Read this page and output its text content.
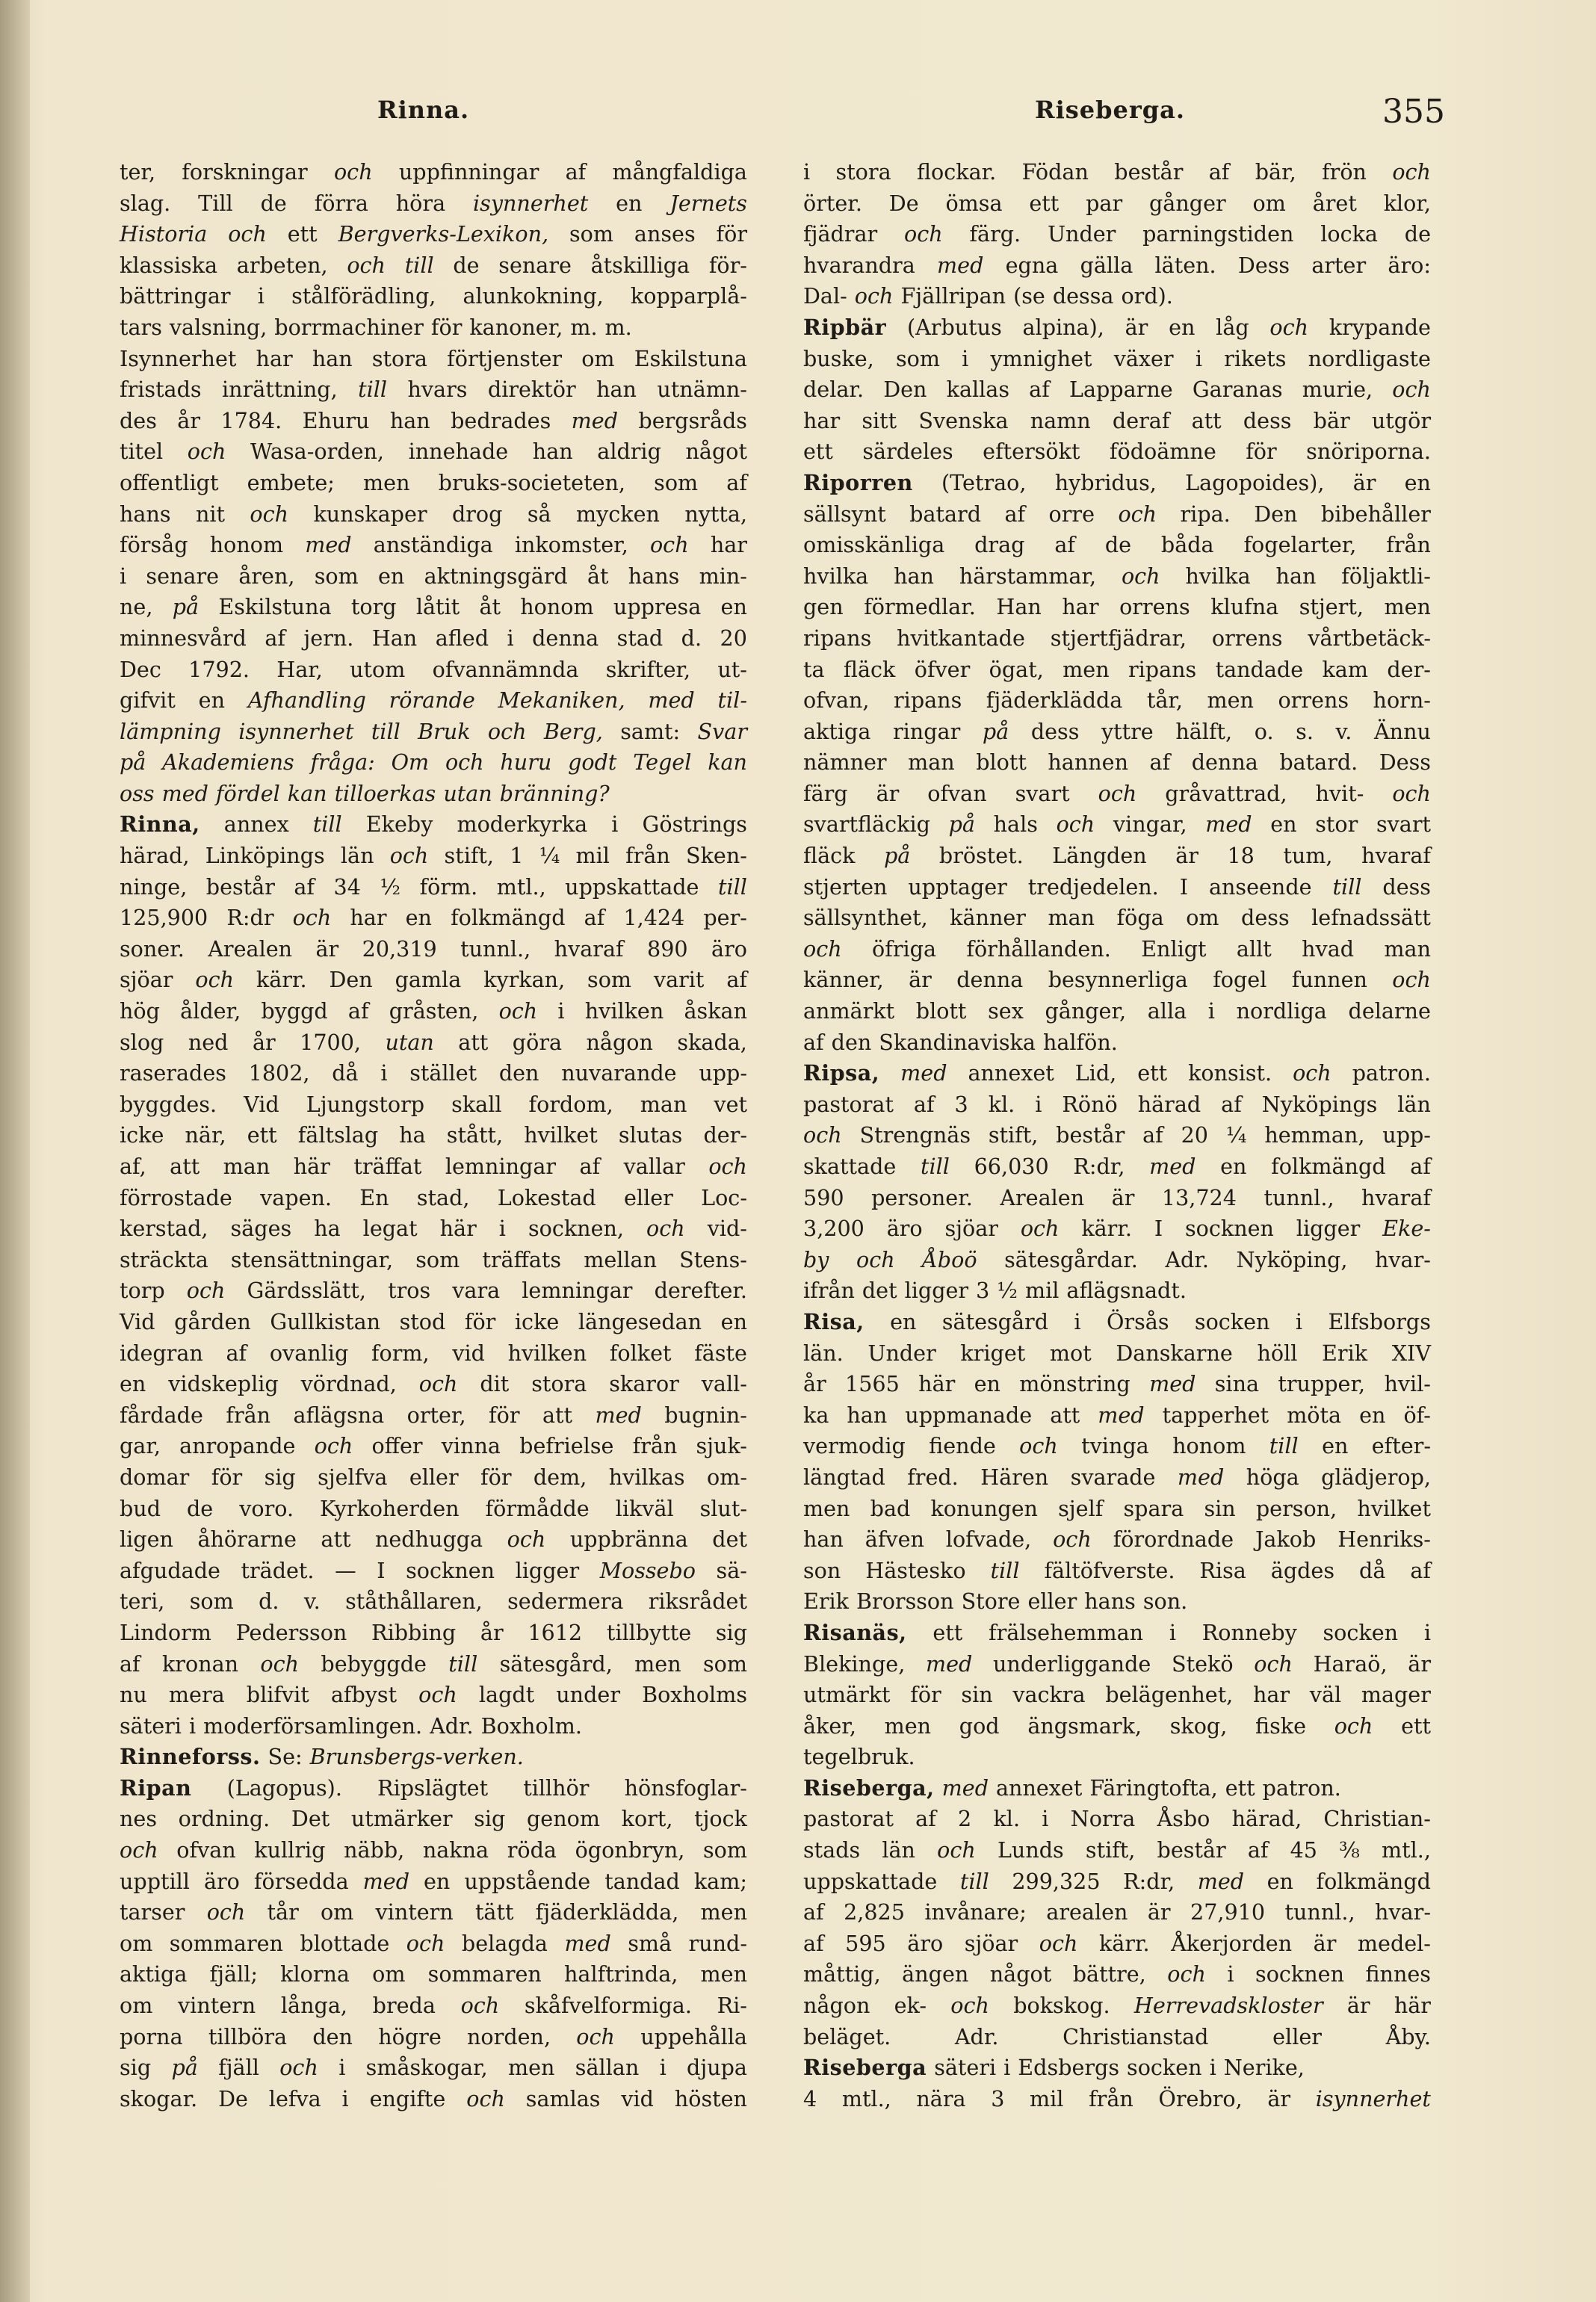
Rinna.	Riseberga.	355
ter, forskningar och uppfinningar af mångfaldiga
slag. Till de förra höra isynnerhet en Jernets
Historia och ett Bergverks-Lexikon, som anses för
klassiska arbeten, och till de senare åtskilliga för-
bättringar i stålförädling, alunkokning, kopparplå-
tars valsning, borrmachiner för kanoner, m. m.
Isynnerhet har han stora förtjenster om Eskilstuna
fristads inrättning, till hvars direktör han utnämn-
des år 1784. Ehuru han bedrades med bergsråds
titel och Wasa-orden, innehade han aldrig något
offentligt embete; men bruks-societeten, som af
hans nit och kunskaper drog så mycken nytta,
försåg honom med anständiga inkomster, och har
i senare åren, som en aktningsgärd åt hans min-
ne, på Eskilstuna torg låtit åt honom uppresa en
minnesvård af jern. Han afled i denna stad d. 20
Dec 1792. Har, utom ofvannämnda skrifter, ut-
gifvit en Afhandling rörande Mekaniken, med til-
lämpning isynnerhet till Bruk och Berg, samt: Svar
på Akademiens fråga: Om och huru godt Tegel kan
oss med fördel kan tilloerkas utan bränning?
Rinna, annex till Ekeby moderkyrka i Göstrings
härad, Linköpings län och stift, 1 ¼ mil från Sken-
ninge, består af 34 ½ förm. mtl., uppskattade till
125,900 R:dr och har en folkmängd af 1,424 per-
soner. Arealen är 20,319 tunnl., hvaraf 890 äro
sjöar och kärr. Den gamla kyrkan, som varit af
hög ålder, byggd af gråsten, och i hvilken åskan
slog ned år 1700, utan att göra någon skada,
raserades 1802, då i stället den nuvarande upp-
byggdes. Vid Ljungstorp skall fordom, man vet
icke när, ett fältslag ha stått, hvilket slutas der-
af, att man här träffat lemningar af vallar och
förrostade vapen. En stad, Lokestad eller Loc-
kerstad, säges ha legat här i socknen, och vid-
sträckta stensättningar, som träffats mellan Stens-
torp och Gärdsslätt, tros vara lemningar derefter.
Vid gården Gullkistan stod för icke längesedan en
idegran af ovanlig form, vid hvilken folket fäste
en vidskeplig vördnad, och dit stora skaror vall-
fårdade från aflägsna orter, för att med bugnin-
gar, anropande och offer vinna befrielse från sjuk-
domar för sig sjelfva eller för dem, hvilkas om-
bud de voro. Kyrkoherden förmådde likväl slut-
ligen åhörarne att nedhugga och uppbränna det
afgudade trädet. — I socknen ligger Mossebo sä-
teri, som d. v. ståthållaren, sedermera riksrådet
Lindorm Pedersson Ribbing år 1612 tillbytte sig
af kronan och bebyggde till sätesgård, men som
nu mera blifvit afbyst och lagdt under Boxholms
säteri i moderförsamlingen. Adr. Boxholm.
Rinneforss. Se: Brunsbergs-verken.
Ripan (Lagopus). Ripslägtet tillhör hönsfoglar-
nes ordning. Det utmärker sig genom kort, tjock
och ofvan kullrig näbb, nakna röda ögonbryn, som
upptill äro försedda med en uppstående tandad kam;
tarser och tår om vintern tätt fjäderklädda, men
om sommaren blottade och belagda med små rund-
aktiga fjäll; klorna om sommaren halftrinda, men
om vintern långa, breda och skåfvelformiga. Ri-
porna tillböra den högre norden, och uppehålla
sig på fjäll och i småskogar, men sällan i djupa
skogar. De lefva i engifte och samlas vid hösten
i stora flockar. Födan består af bär, frön och
örter. De ömsa ett par gånger om året klor,
fjädrar och färg. Under parningstiden locka de
hvarandra med egna gälla läten. Dess arter äro:
Dal- och Fjällripan (se dessa ord).
Ripbär (Arbutus alpina), är en låg och krypande
buske, som i ymnighet växer i rikets nordligaste
delar. Den kallas af Lapparne Garanas murie, och
har sitt Svenska namn deraf att dess bär utgör
ett särdeles eftersökt födoämne för snöriporna.
Riporren (Tetrao, hybridus, Lagopoides), är en
sällsynt batard af orre och ripa. Den bibehåller
omisskänliga drag af de båda fogelarter, från
hvilka han härstammar, och hvilka han följaktli-
gen förmedlar. Han har orrens klufna stjert, men
ripans hvitkantade stjertfjädrar, orrens vårtbetäck-
ta fläck öfver ögat, men ripans tandade kam der-
ofvan, ripans fjäderklädda tår, men orrens horn-
aktiga ringar på dess yttre hälft, o. s. v. Ännu
nämner man blott hannen af denna batard. Dess
färg är ofvan svart och gråvattrad, hvit- och
svartfläckig på hals och vingar, med en stor svart
fläck på bröstet. Längden är 18 tum, hvaraf
stjerten upptager tredjedelen. I anseende till dess
sällsynthet, känner man föga om dess lefnadssätt
och öfriga förhållanden. Enligt allt hvad man
känner, är denna besynnerliga fogel funnen och
anmärkt blott sex gånger, alla i nordliga delarne
af den Skandinaviska halfön.
Ripsa, med annexet Lid, ett konsist. och patron.
pastorat af 3 kl. i Rönö härad af Nyköpings län
och Strengnäs stift, består af 20 ¼ hemman, upp-
skattade till 66,030 R:dr, med en folkmängd af
590 personer. Arealen är 13,724 tunnl., hvaraf
3,200 äro sjöar och kärr. I socknen ligger Eke-
by och Åboö sätesgårdar. Adr. Nyköping, hvar-
ifrån det ligger 3 ½ mil aflägsnadt.
Risa, en sätesgård i Örsås socken i Elfsborgs
län. Under kriget mot Danskarne höll Erik XIV
år 1565 här en mönstring med sina trupper, hvil-
ka han uppmanade att med tapperhet möta en öf-
vermodig fiende och tvinga honom till en efter-
längtad fred. Hären svarade med höga glädjerop,
men bad konungen sjelf spara sin person, hvilket
han äfven lofvade, och förordnade Jakob Henriks-
son Hästesko till fältöfverste. Risa ägdes då af
Erik Brorsson Store eller hans son.
Risanäs, ett frälsehemman i Ronneby socken i
Blekinge, med underliggande Stekö och Haraö, är
utmärkt för sin vackra belägenhet, har väl mager
åker, men god ängsmark, skog, fiske och ett
tegelbruk.
Riseberga, med annexet Färingtofta, ett patron.
pastorat af 2 kl. i Norra Åsbo härad, Christian-
stads län och Lunds stift, består af 45 ⅜ mtl.,
uppskattade till 299,325 R:dr, med en folkmängd
af 2,825 invånare; arealen är 27,910 tunnl., hvar-
af 595 äro sjöar och kärr. Åkerjorden är medel-
måttig, ängen något bättre, och i socknen finnes
någon ek- och bokskog. Herrevadskloster är här
beläget.	Adr.	Christianstad	eller	Åby.
Riseberga säteri i Edsbergs socken i Nerike,
4 mtl., nära 3 mil från Örebro, är isynnerhet
